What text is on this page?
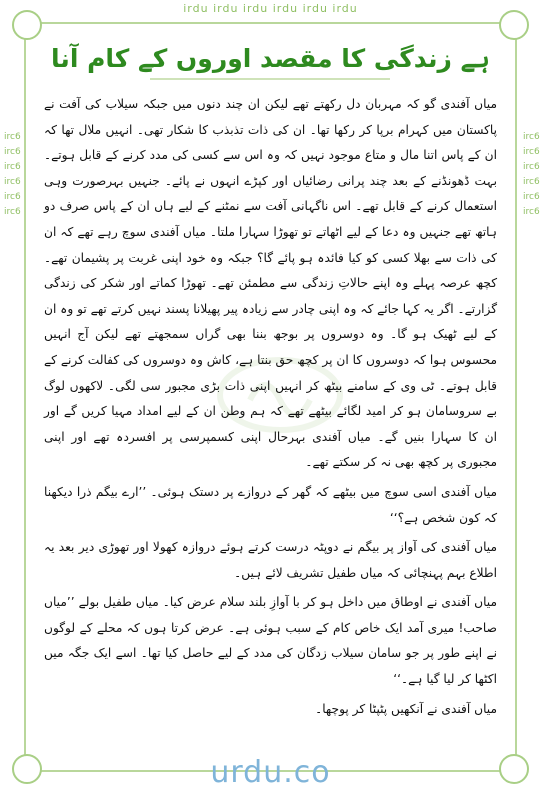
irdu irdu irdu irdu irdu irdu
irc6
irc6
irc6
irc6
irc6
irc6
irc6
irc6
irc6
irc6
irc6
irc6
ہے زندگی کا مقصد اوروں کے کام آنا

میاں آفندی گو کہ مہربان دل رکھتے تھے لیکن ان چند دنوں میں جبکہ سیلاب کی آفت نے پاکستان میں کہرام برپا کر رکھا تھا۔ ان کی ذات تذبذب کا شکار تھی۔ انہیں ملال تھا کہ ان کے پاس اتنا مال و متاع موجود نہیں کہ وہ اس سے کسی کی مدد کرنے کے قابل ہوتے۔ بہت ڈھونڈنے کے بعد چند پرانی رضائیاں اور کپڑے انہوں نے پائے۔ جنہیں بہرصورت وہی استعمال کرنے کے قابل تھے۔ اس ناگہانی آفت سے نمٹنے کے لیے ہاں ان کے پاس صرف دو ہاتھ تھے جنہیں وہ دعا کے لیے اٹھاتے تو تھوڑا سہارا ملتا۔ میاں آفندی سوچ رہے تھے کہ ان کی ذات سے بھلا کسی کو کیا فائدہ ہو پائے گا؟ جبکہ وہ خود اپنی غربت پر پشیمان تھے۔ کچھ عرصہ پہلے وہ اپنے حالاتِ زندگی سے مطمئن تھے۔ تھوڑا کماتے اور شکر کی زندگی گزارتے۔ اگر یہ کہا جائے کہ وہ اپنی چادر سے زیادہ پیر پھیلانا پسند نہیں کرتے تھے تو وہ ان کے لیے ٹھیک ہو گا۔ وہ دوسروں پر بوجھ بننا بھی گراں سمجھتے تھے لیکن آج انہیں محسوس ہوا کہ دوسروں کا ان پر کچھ حق بنتا ہے، کاش وہ دوسروں کی کفالت کرنے کے قابل ہوتے۔ ٹی وی کے سامنے بیٹھ کر انہیں اپنی ذات بڑی مجبور سی لگی۔ لاکھوں لوگ بے سروسامان ہو کر امید لگائے بیٹھے تھے کہ ہم وطن ان کے لیے امداد مہیا کریں گے اور ان کا سہارا بنیں گے۔ میاں آفندی بہرحال اپنی کسمپرسی پر افسردہ تھے اور اپنی مجبوری پر کچھ بھی نہ کر سکتے تھے۔

میاں آفندی اسی سوچ میں بیٹھے کہ گھر کے دروازے پر دستک ہوئی۔ ’’ارے بیگم ذرا دیکھنا کہ کون شخص ہے؟‘‘

میاں آفندی کی آواز پر بیگم نے دوپٹہ درست کرتے ہوئے دروازہ کھولا اور تھوڑی دیر بعد یہ اطلاع بہم پہنچائی کہ میاں طفیل تشریف لائے ہیں۔

میاں آفندی نے اوطاق میں داخل ہو کر با آوازِ بلند سلام عرض کیا۔ میاں طفیل بولے ’’میاں صاحب! میری آمد ایک خاص کام کے سبب ہوئی ہے۔ عرض کرتا ہوں کہ محلے کے لوگوں نے اپنے طور پر جو سامان سیلاب زدگان کی مدد کے لیے حاصل کیا تھا۔ اسے ایک جگہ میں اکٹھا کر لیا گیا ہے۔‘‘

میاں آفندی نے آنکھیں پٹپٹا کر پوچھا۔

urdu.co
